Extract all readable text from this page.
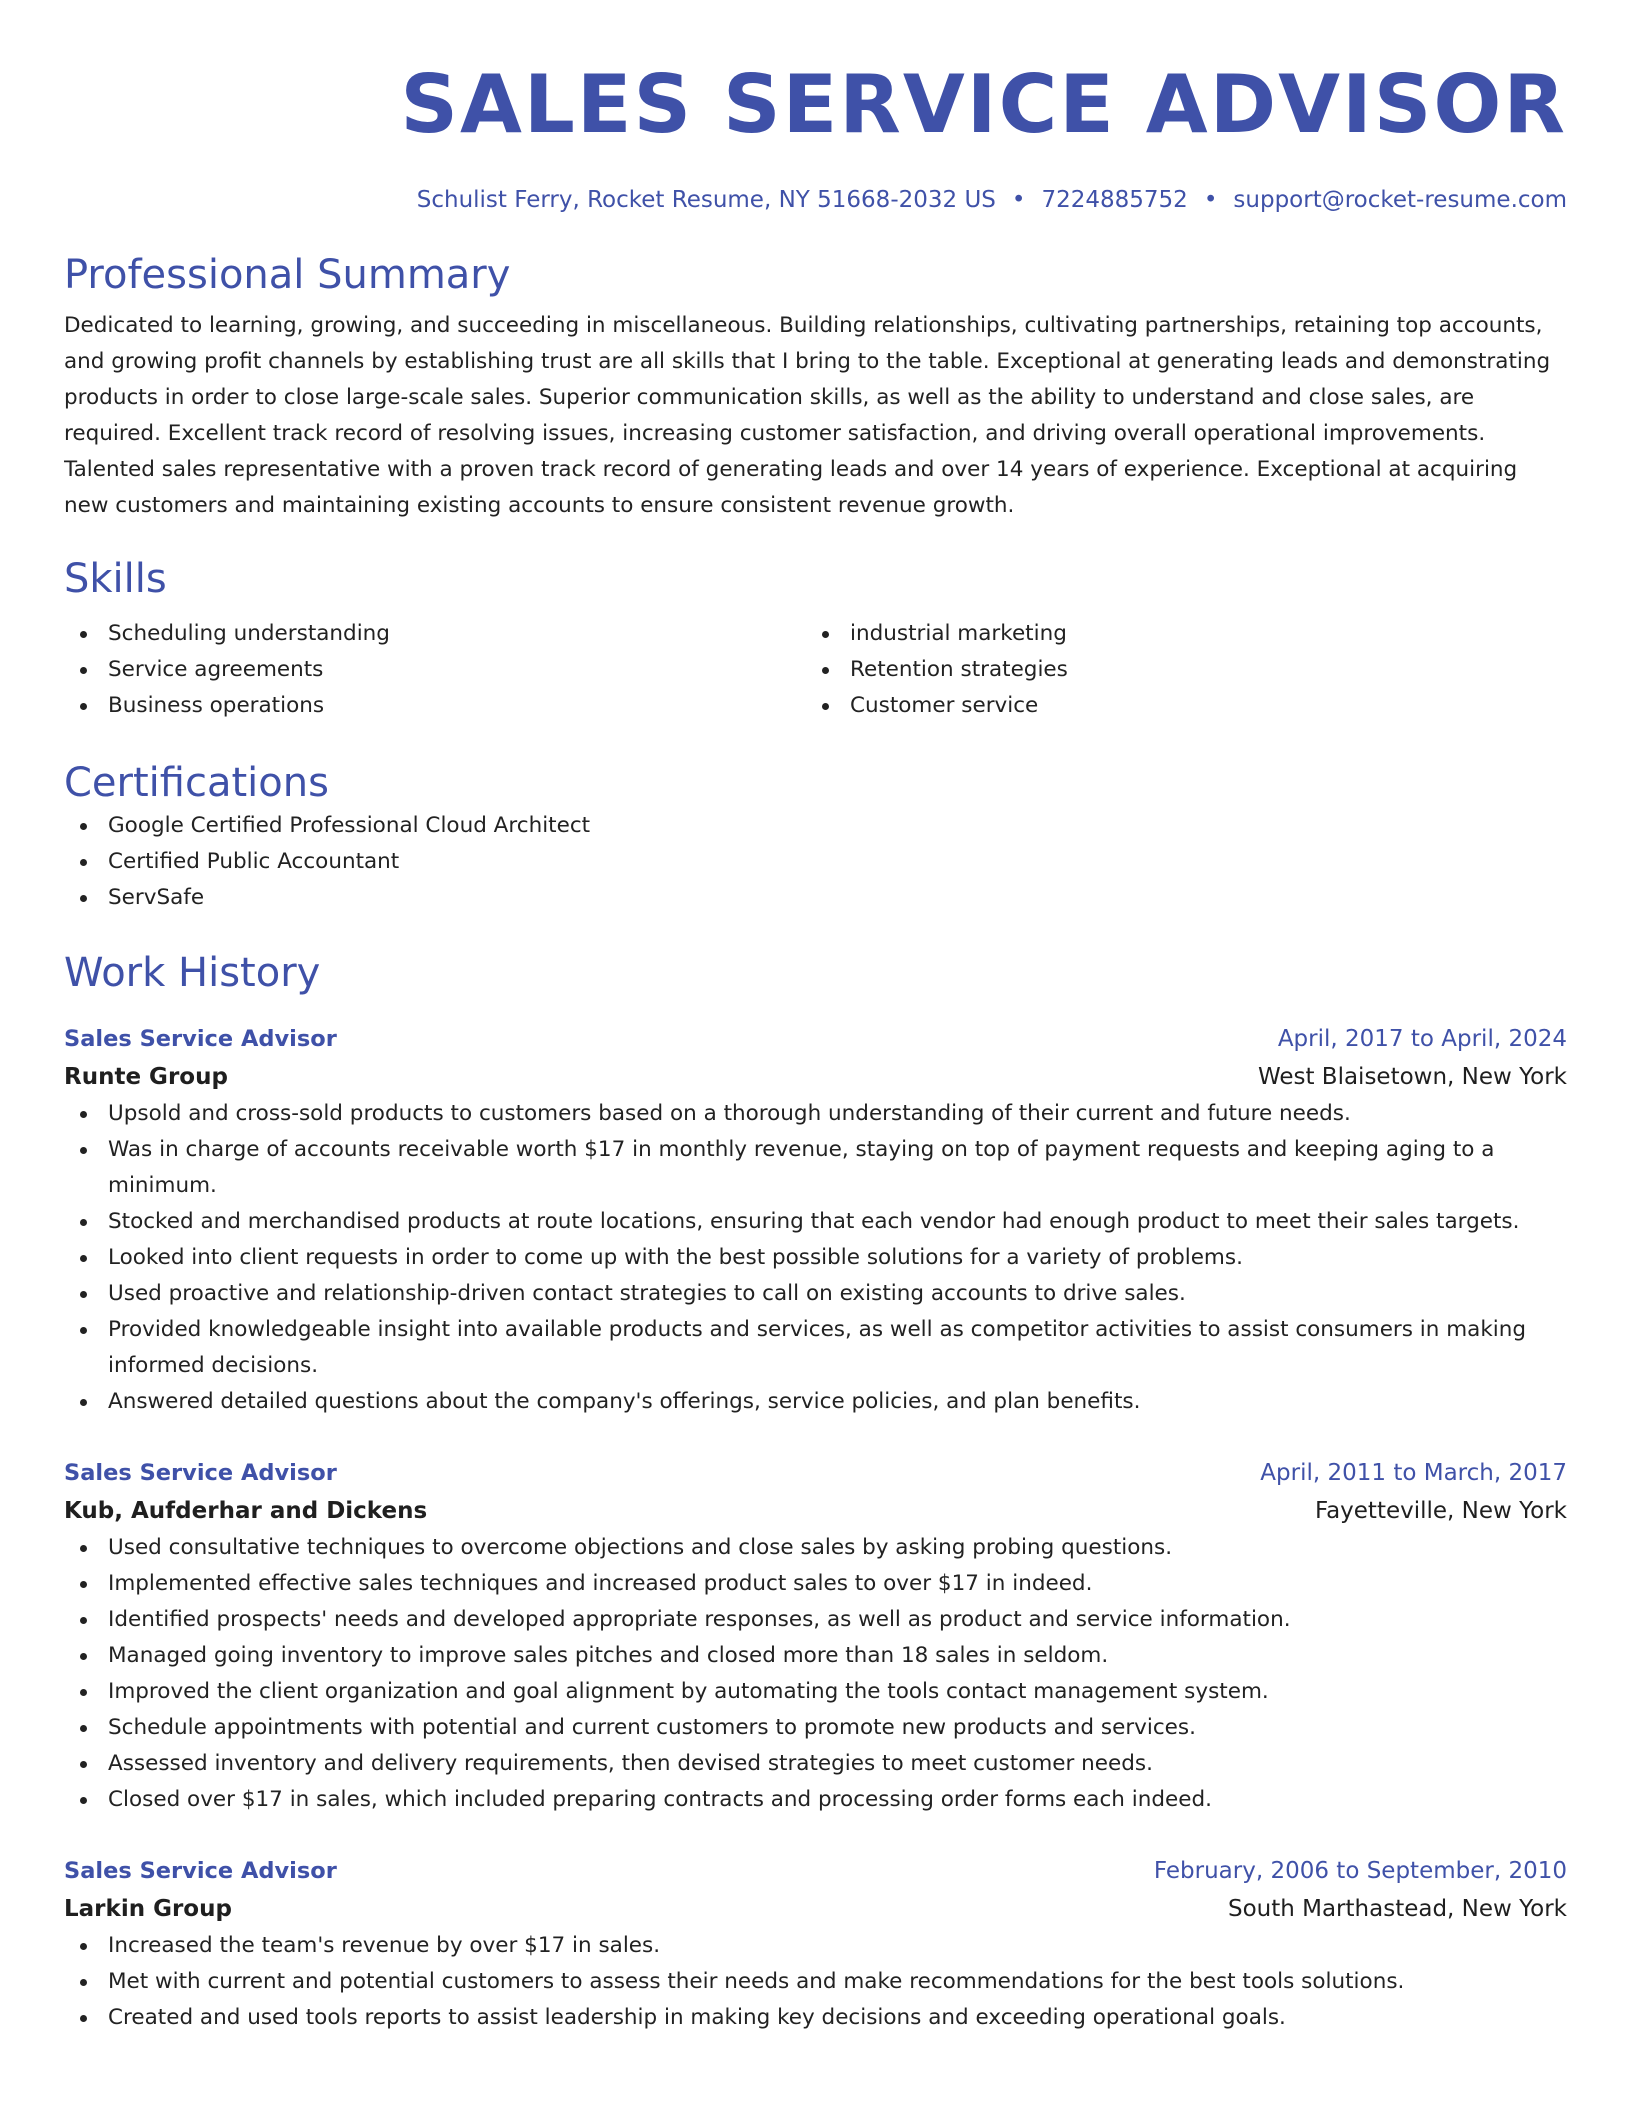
SALES SERVICE ADVISOR
Schulist Ferry, Rocket Resume, NY 51668-2032 US • 7224885752 • support@rocket-resume.com
Professional Summary

Dedicated to learning, growing, and succeeding in miscellaneous. Building relationships, cultivating partnerships, retaining top accounts, and growing profit channels by establishing trust are all skills that I bring to the table. Exceptional at generating leads and demonstrating products in order to close large-scale sales. Superior communication skills, as well as the ability to understand and close sales, are required. Excellent track record of resolving issues, increasing customer satisfaction, and driving overall operational improvements. Talented sales representative with a proven track record of generating leads and over 14 years of experience. Exceptional at acquiring new customers and maintaining existing accounts to ensure consistent revenue growth.

Skills
Scheduling understanding
Service agreements
Business operations
industrial marketing
Retention strategies
Customer service
Certifications
Google Certified Professional Cloud Architect
Certified Public Accountant
ServSafe
Work History
Sales Service Advisor	April, 2017 to April, 2024
Runte Group	West Blaisetown, New York
Upsold and cross-sold products to customers based on a thorough understanding of their current and future needs.
Was in charge of accounts receivable worth $17 in monthly revenue, staying on top of payment requests and keeping aging to a minimum.
Stocked and merchandised products at route locations, ensuring that each vendor had enough product to meet their sales targets.
Looked into client requests in order to come up with the best possible solutions for a variety of problems.
Used proactive and relationship-driven contact strategies to call on existing accounts to drive sales.
Provided knowledgeable insight into available products and services, as well as competitor activities to assist consumers in making informed decisions.
Answered detailed questions about the company's offerings, service policies, and plan benefits.
Sales Service Advisor	April, 2011 to March, 2017
Kub, Aufderhar and Dickens	Fayetteville, New York
Used consultative techniques to overcome objections and close sales by asking probing questions.
Implemented effective sales techniques and increased product sales to over $17 in indeed.
Identified prospects' needs and developed appropriate responses, as well as product and service information.
Managed going inventory to improve sales pitches and closed more than 18 sales in seldom.
Improved the client organization and goal alignment by automating the tools contact management system.
Schedule appointments with potential and current customers to promote new products and services.
Assessed inventory and delivery requirements, then devised strategies to meet customer needs.
Closed over $17 in sales, which included preparing contracts and processing order forms each indeed.
Sales Service Advisor	February, 2006 to September, 2010
Larkin Group	South Marthastead, New York
Increased the team's revenue by over $17 in sales.
Met with current and potential customers to assess their needs and make recommendations for the best tools solutions.
Created and used tools reports to assist leadership in making key decisions and exceeding operational goals.
